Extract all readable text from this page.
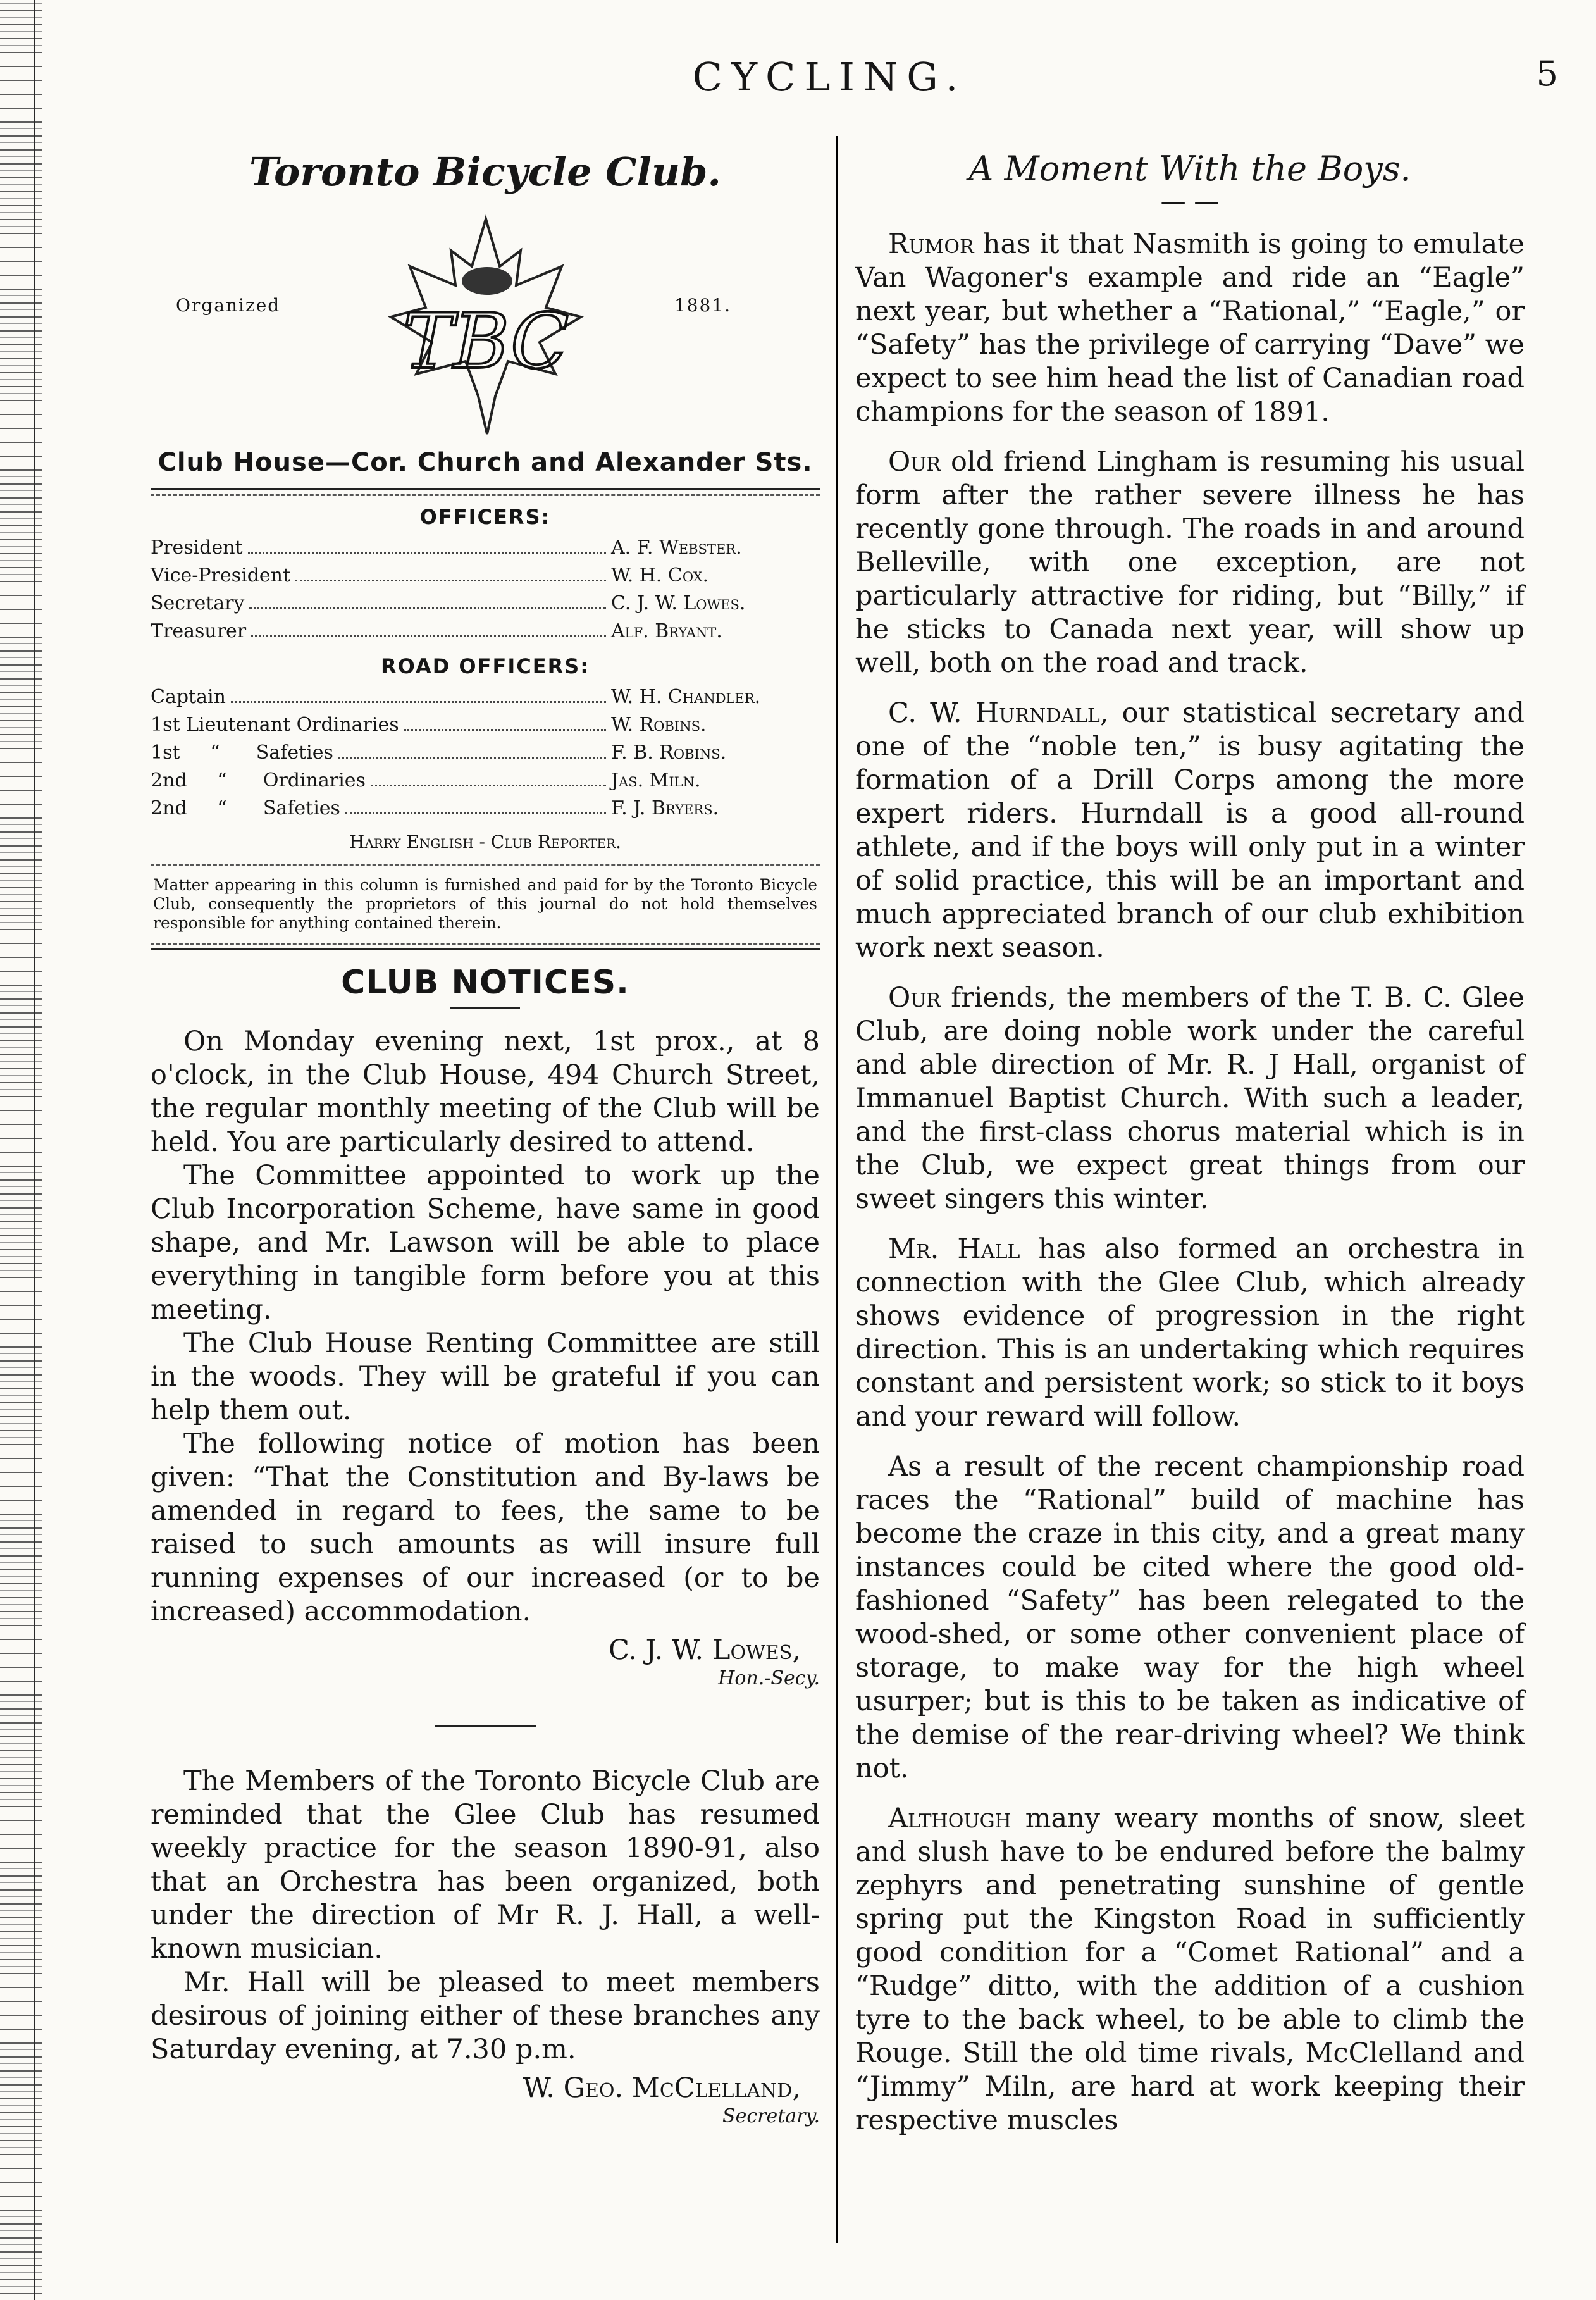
CYCLING.	5
Toronto Bicycle Club.
Organized TBC	1881.
Club House—Cor. Church and Alexander Sts.
OFFICERS:
President	A. F. Webster.
Vice-President	W. H. Cox.
Secretary	C. J. W. Lowes.
Treasurer	Alf. Bryant.
ROAD OFFICERS:
Captain	W. H. Chandler.
1st Lieutenant Ordinaries	W. Robins.
1st     “      Safeties	F. B. Robins.
2nd     “      Ordinaries	Jas. Miln.
2nd     “      Safeties	F. J. Bryers.
Harry English - Club Reporter.
Matter appearing in this column is furnished and paid for by the Toronto Bicycle Club, consequently the proprietors of this journal do not hold themselves responsible for anything contained therein.
CLUB NOTICES.

On Monday evening next, 1st prox., at 8 o'clock, in the Club House, 494 Church Street, the regular monthly meeting of the Club will be held. You are particularly desired to attend.

The Committee appointed to work up the Club Incorporation Scheme, have same in good shape, and Mr. Lawson will be able to place everything in tangible form before you at this meeting.

The Club House Renting Committee are still in the woods. They will be grateful if you can help them out.

The following notice of motion has been given: “That the Constitution and By-laws be amended in regard to fees, the same to be raised to such amounts as will insure full running expenses of our increased (or to be increased) accommodation.

C. J. W. Lowes,
Hon.-Secy.

The Members of the Toronto Bicycle Club are reminded that the Glee Club has resumed weekly practice for the season 1890-91, also that an Orchestra has been organized, both under the direction of Mr R. J. Hall, a well-known musician.

Mr. Hall will be pleased to meet members desirous of joining either of these branches any Saturday evening, at 7.30 p.m.

W. Geo. McClelland,
Secretary.
A Moment With the Boys.
— —

Rumor has it that Nasmith is going to emulate Van Wagoner's example and ride an “Eagle” next year, but whether a “Rational,” “Eagle,” or “Safety” has the privilege of carrying “Dave” we expect to see him head the list of Canadian road champions for the season of 1891.

Our old friend Lingham is resuming his usual form after the rather severe illness he has recently gone through. The roads in and around Belleville, with one exception, are not particularly attractive for riding, but “Billy,” if he sticks to Canada next year, will show up well, both on the road and track.

C. W. Hurndall, our statistical secretary and one of the “noble ten,” is busy agitating the formation of a Drill Corps among the more expert riders. Hurndall is a good all-round athlete, and if the boys will only put in a winter of solid practice, this will be an important and much appreciated branch of our club exhibition work next season.

Our friends, the members of the T. B. C. Glee Club, are doing noble work under the careful and able direction of Mr. R. J Hall, organist of Immanuel Baptist Church. With such a leader, and the first-class chorus material which is in the Club, we expect great things from our sweet singers this winter.

Mr. Hall has also formed an orchestra in connection with the Glee Club, which already shows evidence of progression in the right direction. This is an undertaking which requires constant and persistent work; so stick to it boys and your reward will follow.

As a result of the recent championship road races the “Rational” build of machine has become the craze in this city, and a great many instances could be cited where the good old-fashioned “Safety” has been relegated to the wood-shed, or some other convenient place of storage, to make way for the high wheel usurper; but is this to be taken as indicative of the demise of the rear-driving wheel? We think not.

Although many weary months of snow, sleet and slush have to be endured before the balmy zephyrs and penetrating sunshine of gentle spring put the Kingston Road in sufficiently good condition for a “Comet Rational” and a “Rudge” ditto, with the addition of a cushion tyre to the back wheel, to be able to climb the Rouge. Still the old time rivals, McClelland and “Jimmy” Miln, are hard at work keeping their respective muscles
